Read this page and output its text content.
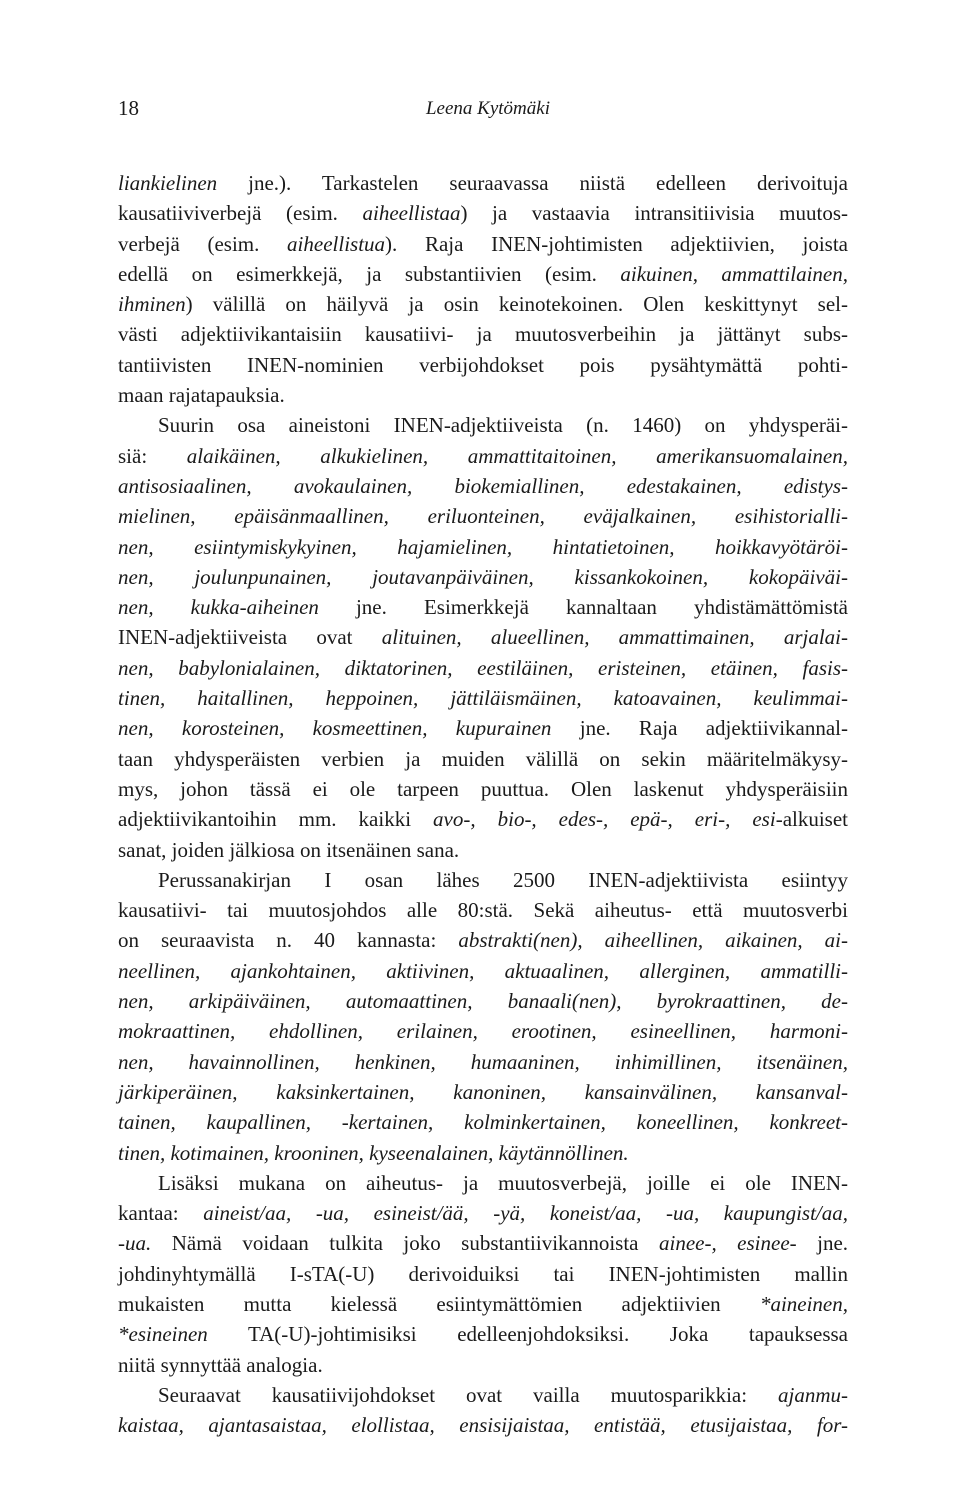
18	Leena Kytömäki
liankielinen jne.). Tarkastelen seuraavassa niistä edelleen derivoituja
kausatiiviverbejä (esim. aiheellistaa) ja vastaavia intransitiivisia muutos-
verbejä (esim. aiheellistua). Raja INEN-johtimisten adjektiivien, joista
edellä on esimerkkejä, ja substantiivien (esim. aikuinen, ammattilainen,
ihminen) välillä on häilyvä ja osin keinotekoinen. Olen keskittynyt sel-
västi adjektiivikantaisiin kausatiivi- ja muutosverbeihin ja jättänyt subs-
tantiivisten INEN-nominien verbijohdokset pois pysähtymättä pohti-
maan rajatapauksia.
Suurin osa aineistoni INEN-adjektiiveista (n. 1460) on yhdysperäi-
siä: alaikäinen, alkukielinen, ammattitaitoinen, amerikansuomalainen,
antisosiaalinen, avokaulainen, biokemiallinen, edestakainen, edistys-
mielinen, epäisänmaallinen, eriluonteinen, eväjalkainen, esihistorialli-
nen, esiintymiskykyinen, hajamielinen, hintatietoinen, hoikkavyötäröi-
nen, joulunpunainen, joutavanpäiväinen, kissankokoinen, kokopäiväi-
nen, kukka-aiheinen jne. Esimerkkejä kannaltaan yhdistämättömistä
INEN-adjektiiveista ovat alituinen, alueellinen, ammattimainen, arjalai-
nen, babylonialainen, diktatorinen, eestiläinen, eristeinen, etäinen, fasis-
tinen, haitallinen, heppoinen, jättiläismäinen, katoavainen, keulimmai-
nen, korosteinen, kosmeettinen, kupurainen jne. Raja adjektiivikannal-
taan yhdysperäisten verbien ja muiden välillä on sekin määritelmäkysy-
mys, johon tässä ei ole tarpeen puuttua. Olen laskenut yhdysperäisiin
adjektiivikantoihin mm. kaikki avo-, bio-, edes-, epä-, eri-, esi-alkuiset
sanat, joiden jälkiosa on itsenäinen sana.
Perussanakirjan I osan lähes 2500 INEN-adjektiivista esiintyy
kausatiivi- tai muutosjohdos alle 80:stä. Sekä aiheutus- että muutosverbi
on seuraavista n. 40 kannasta: abstrakti(nen), aiheellinen, aikainen, ai-
neellinen, ajankohtainen, aktiivinen, aktuaalinen, allerginen, ammatilli-
nen, arkipäiväinen, automaattinen, banaali(nen), byrokraattinen, de-
mokraattinen, ehdollinen, erilainen, erootinen, esineellinen, harmoni-
nen, havainnollinen, henkinen, humaaninen, inhimillinen, itsenäinen,
järkiperäinen, kaksinkertainen, kanoninen, kansainvälinen, kansanval-
tainen, kaupallinen, -kertainen, kolminkertainen, koneellinen, konkreet-
tinen, kotimainen, krooninen, kyseenalainen, käytännöllinen.
Lisäksi mukana on aiheutus- ja muutosverbejä, joille ei ole INEN-
kantaa: aineist/aa, -ua, esineist/ää, -yä, koneist/aa, -ua, kaupungist/aa,
-ua. Nämä voidaan tulkita joko substantiivikannoista ainee-, esinee- jne.
johdinyhtymällä I-sTA(-U) derivoiduiksi tai INEN-johtimisten mallin
mukaisten mutta kielessä esiintymättömien adjektiivien *aineinen,
*esineinen TA(-U)-johtimisiksi edelleenjohdoksiksi. Joka tapauksessa
niitä synnyttää analogia.
Seuraavat kausatiivijohdokset ovat vailla muutosparikkia: ajanmu-
kaistaa, ajantasaistaa, elollistaa, ensisijaistaa, entistää, etusijaistaa, for-
